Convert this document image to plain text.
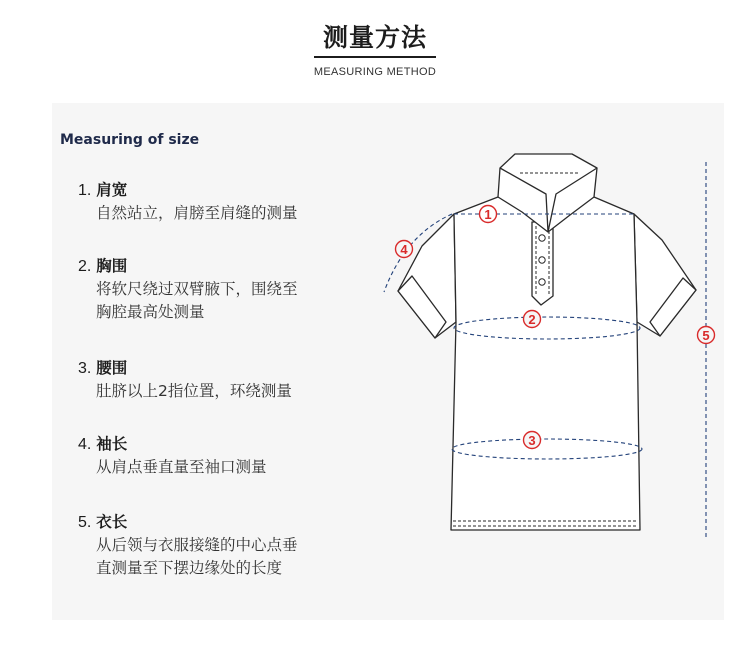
测量方法
MEASURING METHOD
Measuring of size
1. 肩宽
自然站立，肩膀至肩缝的测量
2. 胸围
将软尺绕过双臂腋下，围绕至
胸腔最高处测量
3. 腰围
肚脐以上2指位置，环绕测量
4. 袖长
从肩点垂直量至袖口测量
5. 衣长
从后领与衣服接缝的中心点垂
直测量至下摆边缘处的长度
1
2
3
4
5
